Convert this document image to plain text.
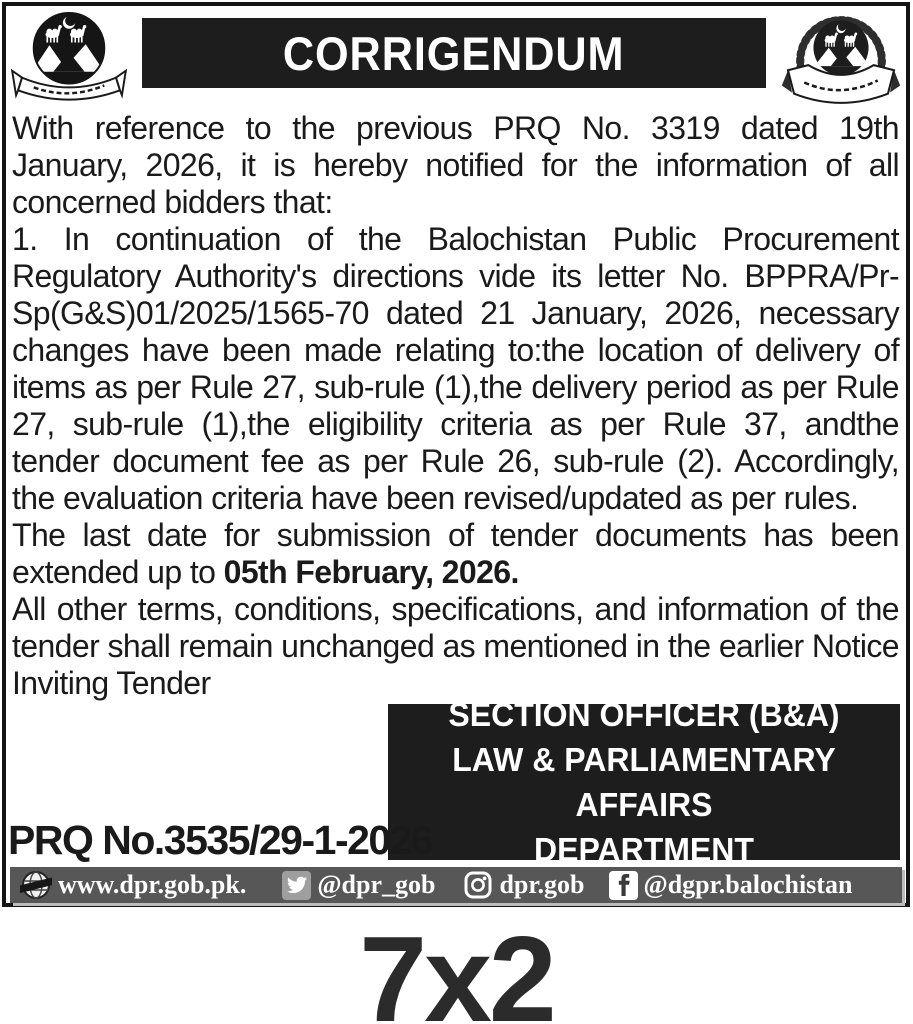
CORRIGENDUM

With reference to the previous PRQ No. 3319 dated 19th January, 2026, it is hereby notified for the information of all concerned bidders that:

1. In continuation of the Balochistan Public Procurement Regulatory Authority's directions vide its letter No. BPPRA/Pr-Sp(G&S)01/2025/1565-70 dated 21 January, 2026, necessary changes have been made relating to:the location of delivery of items as per Rule 27, sub-rule (1),the delivery period as per Rule 27, sub-rule (1),the eligibility criteria as per Rule 37, andthe tender document fee as per Rule 26, sub-rule (2). Accordingly, the evaluation criteria have been revised/updated as per rules.

The last date for submission of tender documents has been extended up to 05th February, 2026.

All other terms, conditions, specifications, and information of the tender shall remain unchanged as mentioned in the earlier Notice Inviting Tender

SECTION OFFICER (B&A)
LAW & PARLIAMENTARY AFFAIRS
DEPARTMENT
PRQ No.3535/29-1-2026
www.dpr.gob.pk.	@dpr_gob dpr.gob @dgpr.balochistan
7x2
